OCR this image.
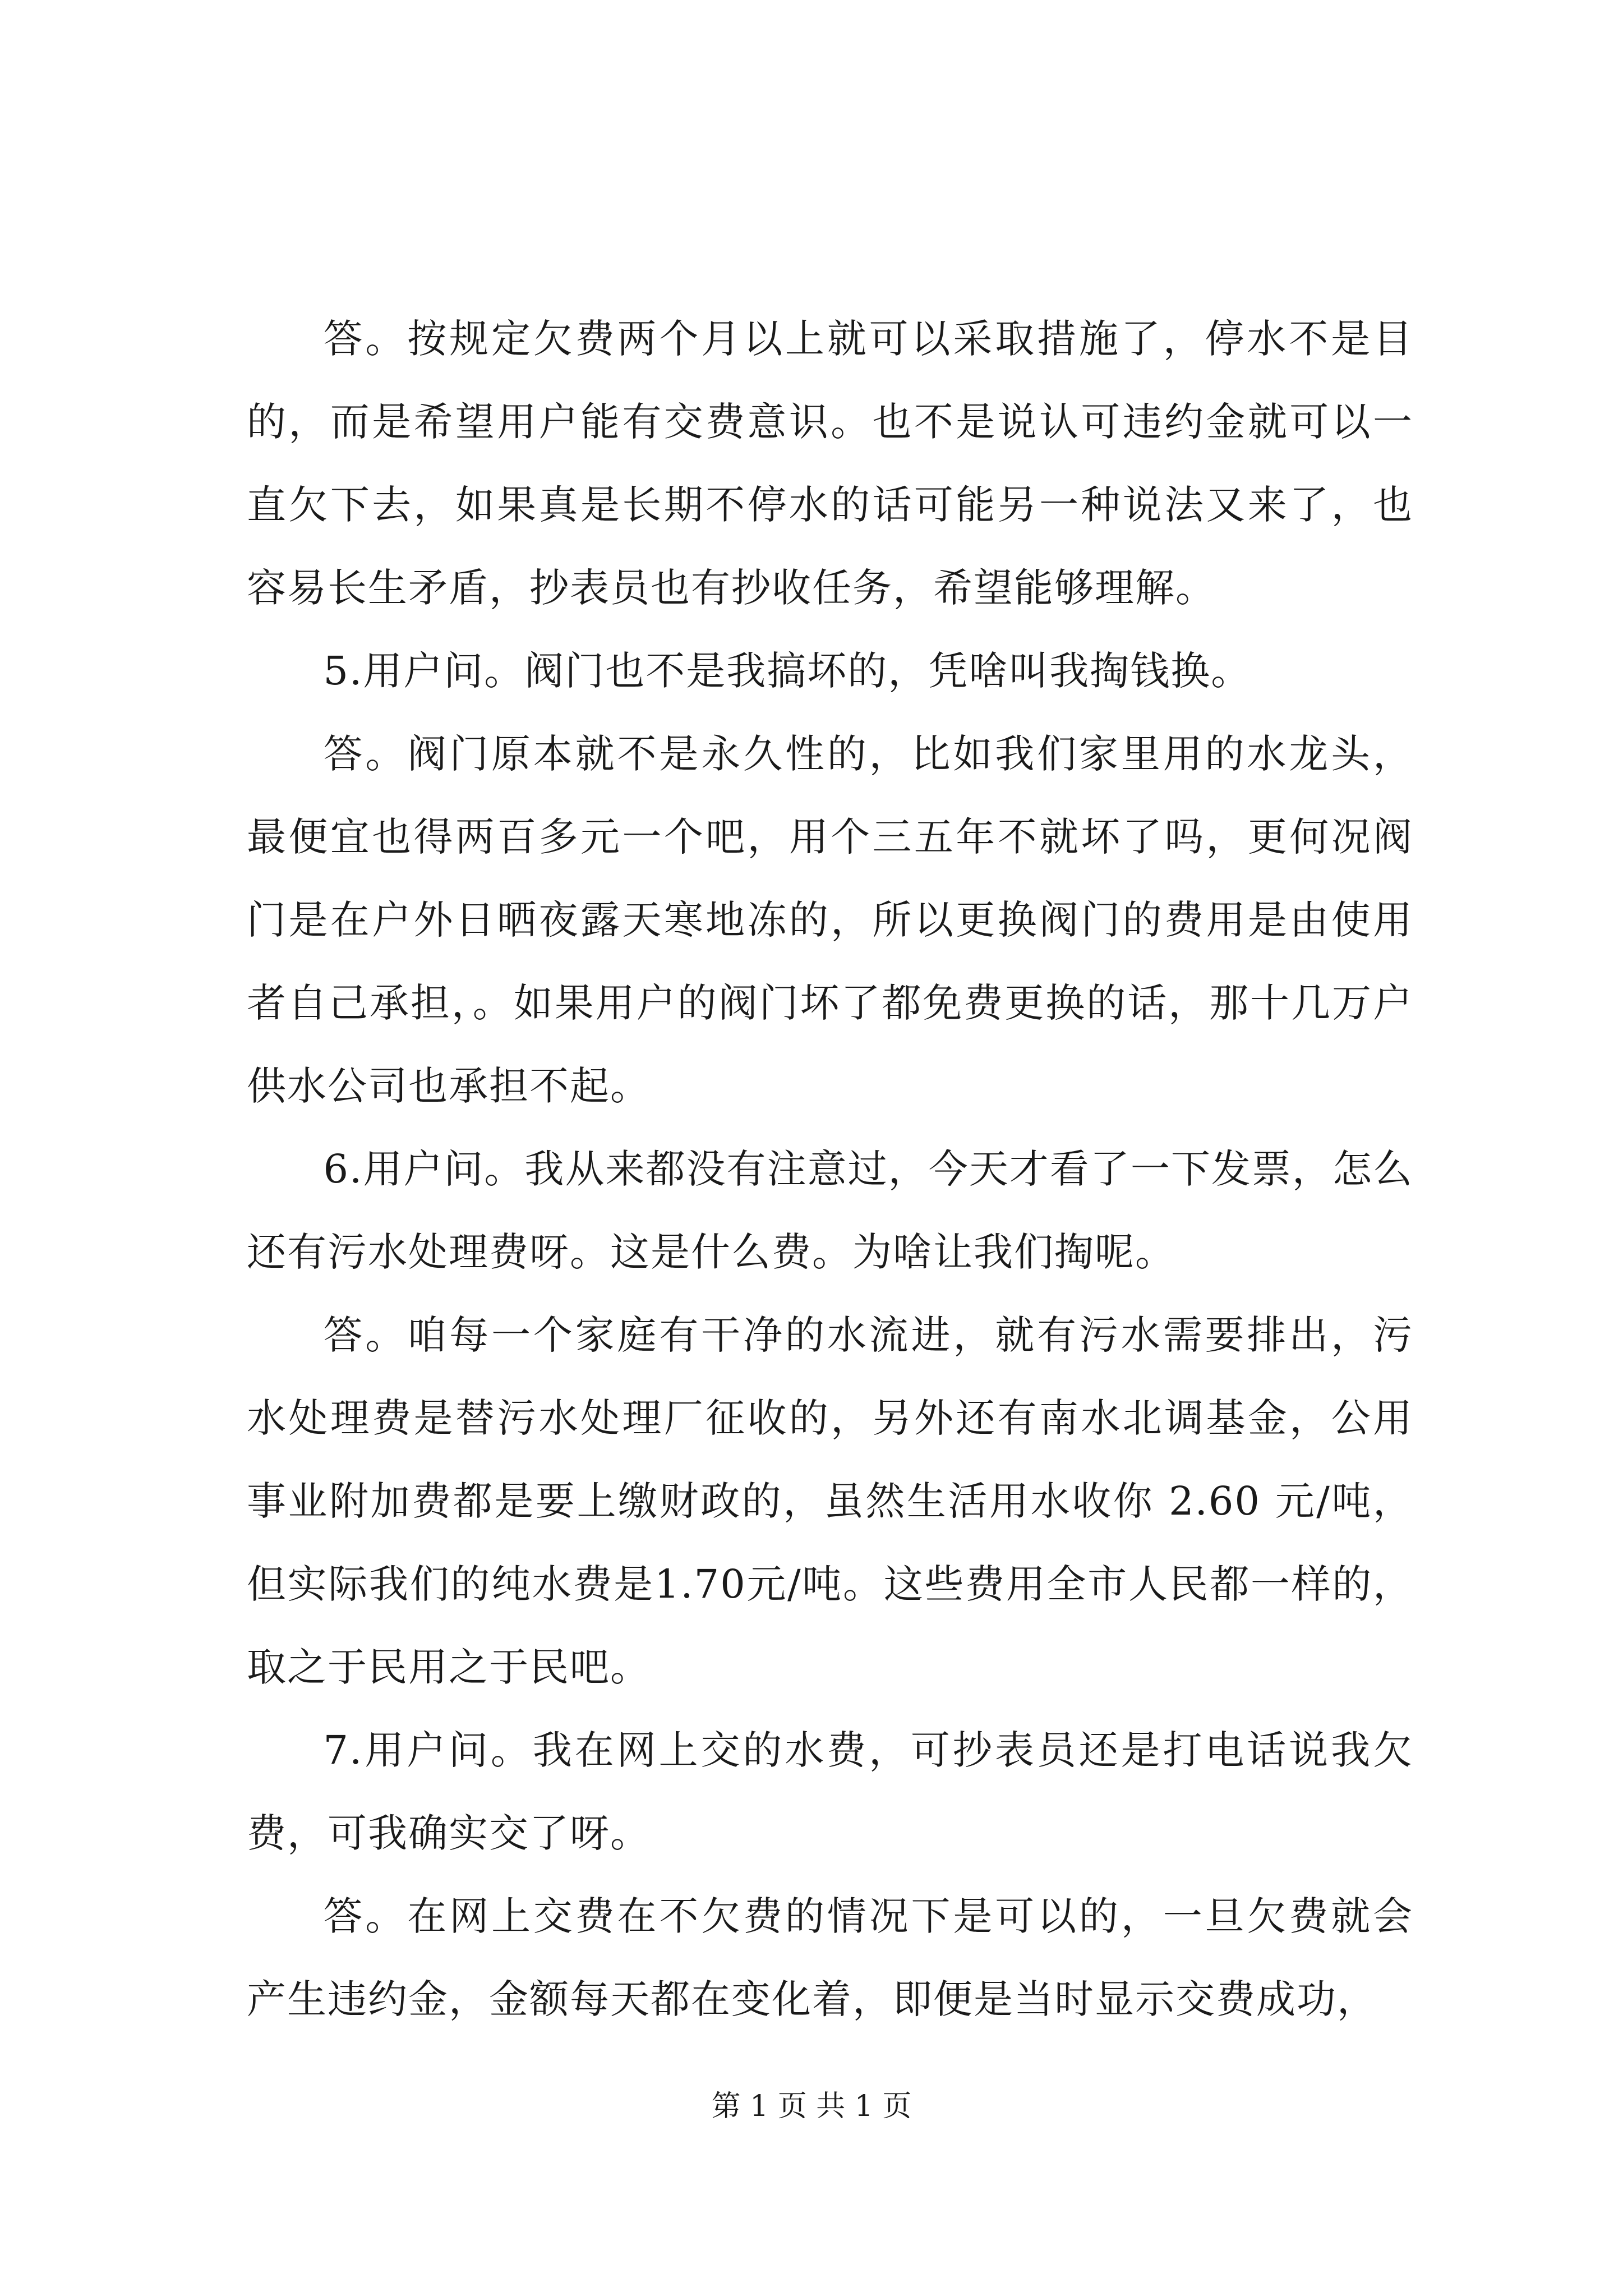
答。按规定欠费两个月以上就可以采取措施了，停水不是目的，而是希望用户能有交费意识。也不是说认可违约金就可以一直欠下去，如果真是长期不停水的话可能另一种说法又来了，也容易长生矛盾，抄表员也有抄收任务，希望能够理解。

5.用户问。阀门也不是我搞坏的，凭啥叫我掏钱换。

答。阀门原本就不是永久性的，比如我们家里用的水龙头，最便宜也得两百多元一个吧，用个三五年不就坏了吗，更何况阀门是在户外日晒夜露天寒地冻的，所以更换阀门的费用是由使用者自己承担，。如果用户的阀门坏了都免费更换的话，那十几万户供水公司也承担不起。

6.用户问。我从来都没有注意过，今天才看了一下发票，怎么还有污水处理费呀。这是什么费。为啥让我们掏呢。

答。咱每一个家庭有干净的水流进，就有污水需要排出，污水处理费是替污水处理厂征收的，另外还有南水北调基金，公用事业附加费都是要上缴财政的，虽然生活用水收你 2.60 元/吨，但实际我们的纯水费是1.70元/吨。这些费用全市人民都一样的，取之于民用之于民吧。

7.用户问。我在网上交的水费，可抄表员还是打电话说我欠费，可我确实交了呀。

答。在网上交费在不欠费的情况下是可以的，一旦欠费就会产生违约金，金额每天都在变化着，即便是当时显示交费成功，

第 1 页 共 1 页
